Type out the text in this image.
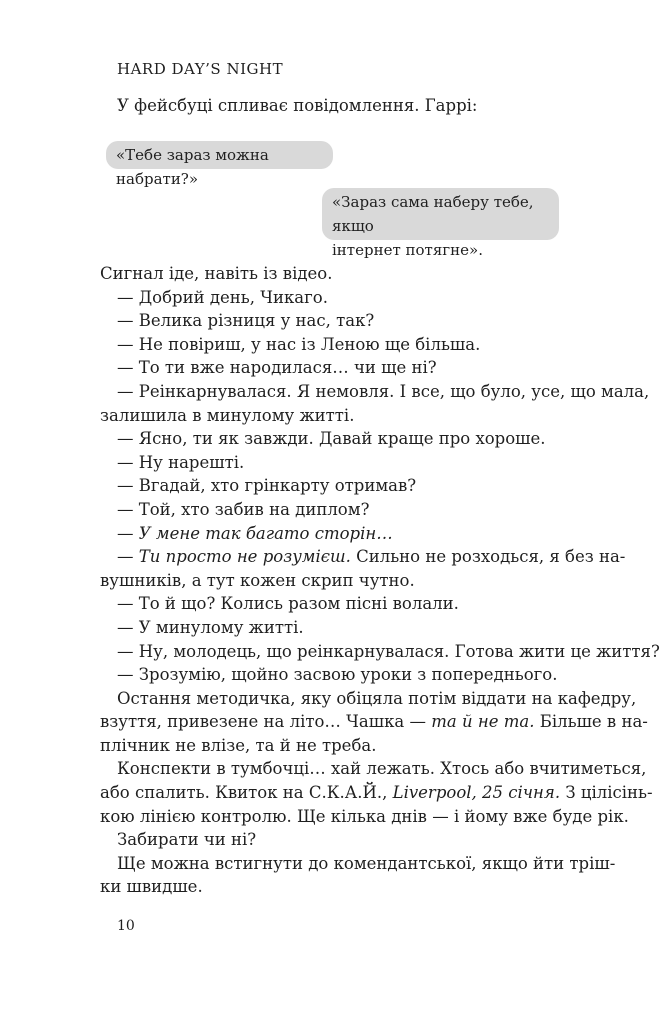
HARD DAY’S NIGHT

У фейсбуці спливає повідомлення. Гаррі:

«Тебе зараз можна набрати?»
«Зараз сама наберу тебе, якщо
інтернет потягне».
Сигнал іде, навіть із відео.
— Добрий день, Чикаго.
— Велика різниця у нас, так?
— Не повіриш, у нас із Леною ще більша.
— То ти вже народилася… чи ще ні?
— Реінкарнувалася. Я немовля. І все, що було, усе, що мала,
залишила в минулому житті.
— Ясно, ти як завжди. Давай краще про хороше.
— Ну нарешті.
— Вгадай, хто грінкарту отримав?
— Той, хто забив на диплом?
— У мене так багато сторін…
— Ти просто не розумієш. Сильно не розходься, я без на-
вушників, а тут кожен скрип чутно.
— То й що? Колись разом пісні волали.
— У минулому житті.
— Ну, молодець, що реінкарнувалася. Готова жити це життя?
— Зрозумію, щойно засвою уроки з попереднього.
Остання методичка, яку обіцяла потім віддати на кафедру,
взуття, привезене на літо… Чашка — та й не та. Більше в на-
плічник не влізе, та й не треба.
Конспекти в тумбочці… хай лежать. Хтось або вчитиметься,
або спалить. Квиток на С.К.А.Й., Liverpool, 25 січня. З цілісінь-
кою лінією контролю. Ще кілька днів — і йому вже буде рік.
Забирати чи ні?
Ще можна встигнути до комендантської, якщо йти тріш-
ки швидше.
10
